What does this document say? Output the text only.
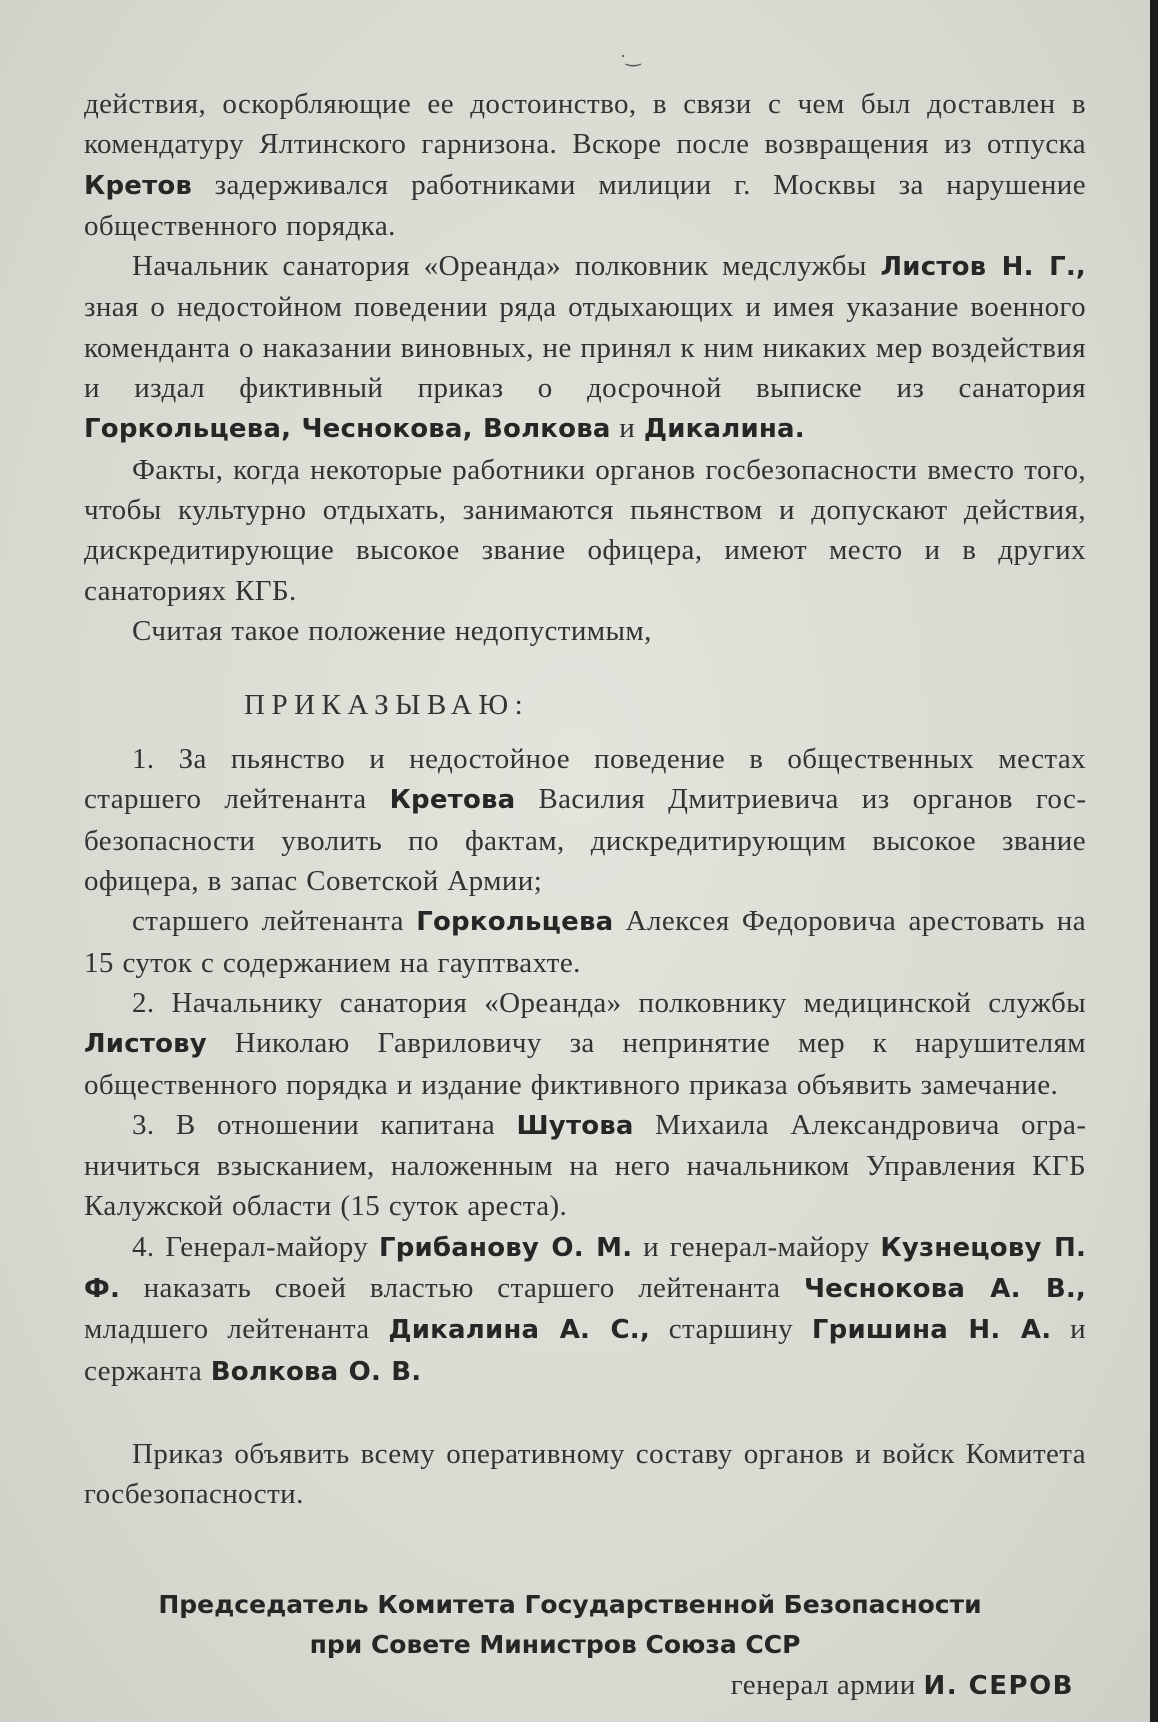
·‿

действия, оскорбляющие ее достоинство, в связи с чем был доставлен в комендатуру Ялтинского гарнизона. Вскоре после возвращения из отпуска Кретов задерживался работниками милиции г. Москвы за нарушение общественного порядка.

Начальник санатория «Ореанда» полковник медслужбы Листов Н. Г., зная о недостойном поведении ряда отдыхающих и имея указание военного коменданта о наказании виновных, не принял к ним никаких мер воздействия и издал фиктивный приказ о досрочной выписке из санатория Горкольцева, Чеснокова, Волкова и Дикалина.

Факты, когда некоторые работники органов госбезопасности вместо того, чтобы культурно отдыхать, занимаются пьянством и допускают действия, дискредитирующие высокое звание офицера, имеют место и в других санаториях КГБ.

Считая такое положение недопустимым,

ПРИКАЗЫВАЮ:

1. За пьянство и недостойное поведение в общественных местах старшего лейтенанта Кретова Василия Дмитриевича из органов госбезопасности уволить по фактам, дискредитирующим высокое звание офицера, в запас Советской Армии;

старшего лейтенанта Горкольцева Алексея Федоровича арестовать на 15 суток с содержанием на гауптвахте.

2. Начальнику санатория «Ореанда» полковнику медицинской службы Листову Николаю Гавриловичу за непринятие мер к нарушителям общественного порядка и издание фиктивного приказа объявить замечание.

3. В отношении капитана Шутова Михаила Александровича ограничиться взысканием, наложенным на него начальником Управления КГБ Калужской области (15 суток ареста).

4. Генерал-майору Грибанову О. М. и генерал-майору Кузнецову П. Ф. наказать своей властью старшего лейтенанта Чеснoкова А. В., младшего лейтенанта Дикалина А. С., старшину Гришина Н. А. и сержанта Волкова О. В.

Приказ объявить всему оперативному составу органов и войск Комитета госбезопасности.

Председатель Комитета Государственной Безопасности
при Совете Министров Союза ССР
генерал армии И. СЕРОВ
